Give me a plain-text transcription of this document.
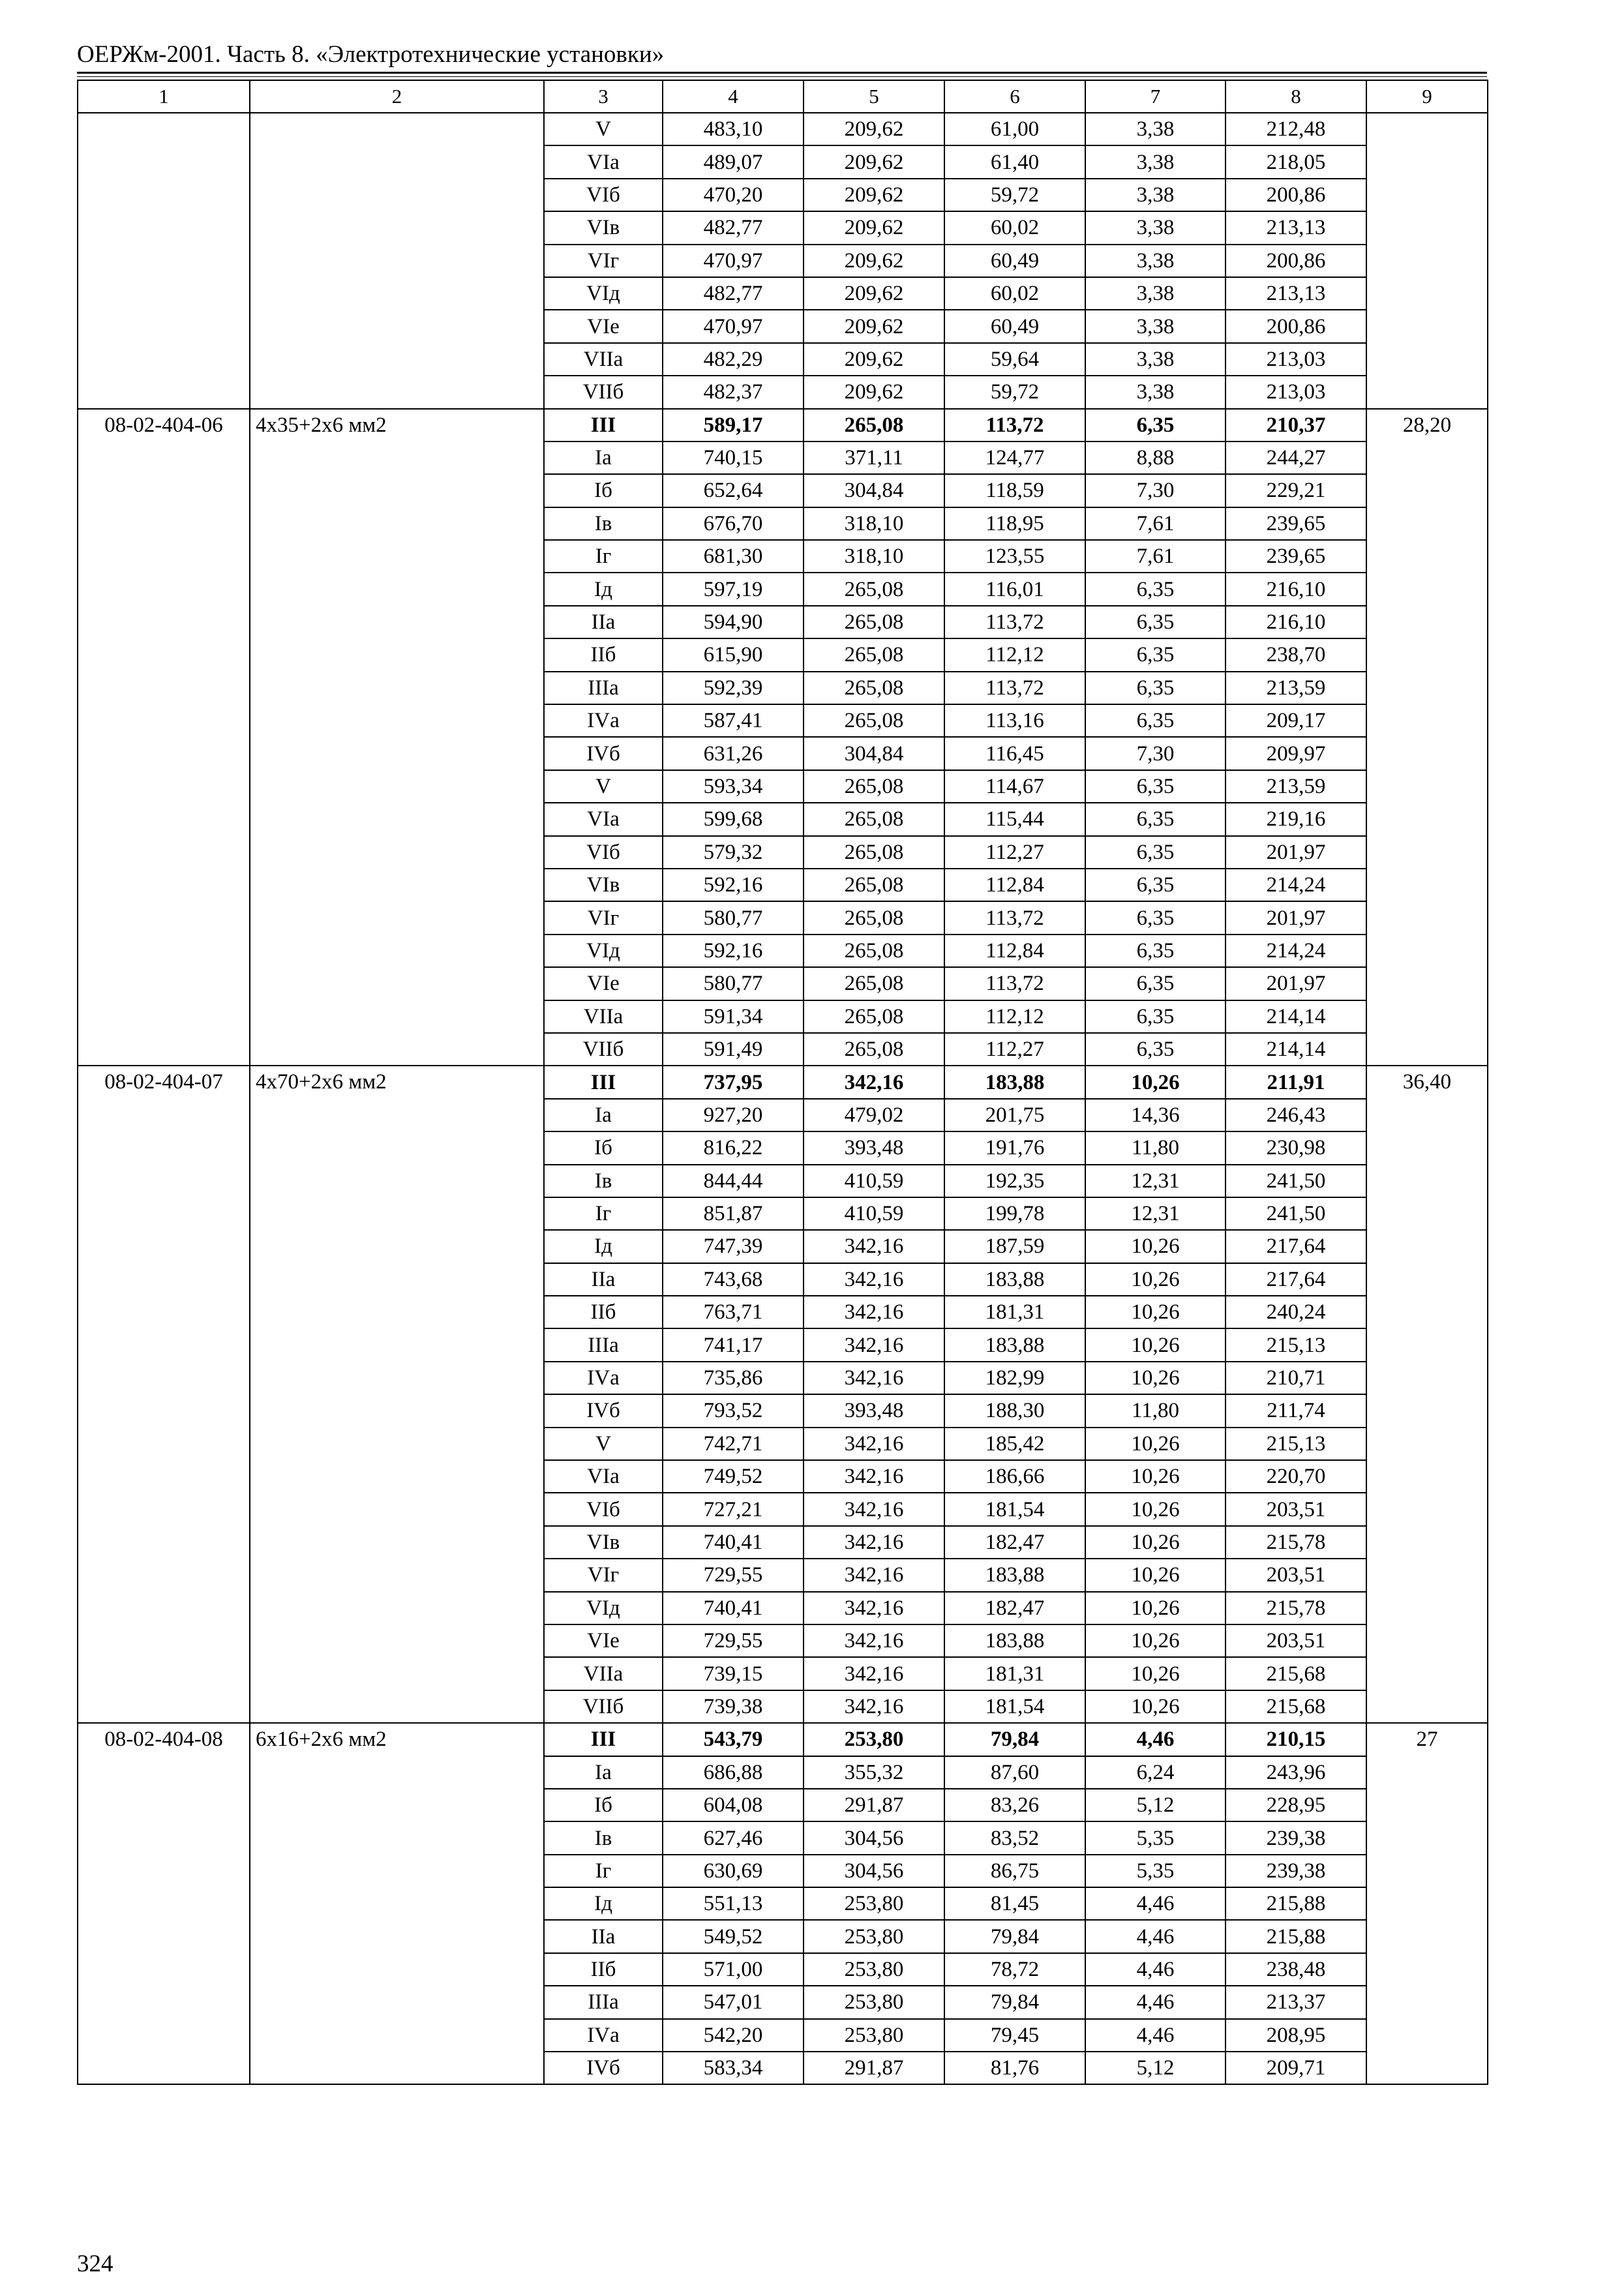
ОЕРЖм-2001. Часть 8. «Электротехнические установки»
1	2	3	4	5	6	7	8	9
		V	483,10	209,62	61,00	3,38	212,48	
		VIа	489,07	209,62	61,40	3,38	218,05	
		VIб	470,20	209,62	59,72	3,38	200,86	
		VIв	482,77	209,62	60,02	3,38	213,13	
		VIг	470,97	209,62	60,49	3,38	200,86	
		VIд	482,77	209,62	60,02	3,38	213,13	
		VIе	470,97	209,62	60,49	3,38	200,86	
		VIIа	482,29	209,62	59,64	3,38	213,03	
		VIIб	482,37	209,62	59,72	3,38	213,03	
08-02-404-06	4х35+2х6 мм2	III	589,17	265,08	113,72	6,35	210,37	28,20
		Iа	740,15	371,11	124,77	8,88	244,27	
		Iб	652,64	304,84	118,59	7,30	229,21	
		Iв	676,70	318,10	118,95	7,61	239,65	
		Iг	681,30	318,10	123,55	7,61	239,65	
		Iд	597,19	265,08	116,01	6,35	216,10	
		IIа	594,90	265,08	113,72	6,35	216,10	
		IIб	615,90	265,08	112,12	6,35	238,70	
		IIIа	592,39	265,08	113,72	6,35	213,59	
		IVа	587,41	265,08	113,16	6,35	209,17	
		IVб	631,26	304,84	116,45	7,30	209,97	
		V	593,34	265,08	114,67	6,35	213,59	
		VIа	599,68	265,08	115,44	6,35	219,16	
		VIб	579,32	265,08	112,27	6,35	201,97	
		VIв	592,16	265,08	112,84	6,35	214,24	
		VIг	580,77	265,08	113,72	6,35	201,97	
		VIд	592,16	265,08	112,84	6,35	214,24	
		VIе	580,77	265,08	113,72	6,35	201,97	
		VIIа	591,34	265,08	112,12	6,35	214,14	
		VIIб	591,49	265,08	112,27	6,35	214,14	
08-02-404-07	4х70+2х6 мм2	III	737,95	342,16	183,88	10,26	211,91	36,40
		Iа	927,20	479,02	201,75	14,36	246,43	
		Iб	816,22	393,48	191,76	11,80	230,98	
		Iв	844,44	410,59	192,35	12,31	241,50	
		Iг	851,87	410,59	199,78	12,31	241,50	
		Iд	747,39	342,16	187,59	10,26	217,64	
		IIа	743,68	342,16	183,88	10,26	217,64	
		IIб	763,71	342,16	181,31	10,26	240,24	
		IIIа	741,17	342,16	183,88	10,26	215,13	
		IVа	735,86	342,16	182,99	10,26	210,71	
		IVб	793,52	393,48	188,30	11,80	211,74	
		V	742,71	342,16	185,42	10,26	215,13	
		VIа	749,52	342,16	186,66	10,26	220,70	
		VIб	727,21	342,16	181,54	10,26	203,51	
		VIв	740,41	342,16	182,47	10,26	215,78	
		VIг	729,55	342,16	183,88	10,26	203,51	
		VIд	740,41	342,16	182,47	10,26	215,78	
		VIе	729,55	342,16	183,88	10,26	203,51	
		VIIа	739,15	342,16	181,31	10,26	215,68	
		VIIб	739,38	342,16	181,54	10,26	215,68	
08-02-404-08	6х16+2х6 мм2	III	543,79	253,80	79,84	4,46	210,15	27
		Iа	686,88	355,32	87,60	6,24	243,96	
		Iб	604,08	291,87	83,26	5,12	228,95	
		Iв	627,46	304,56	83,52	5,35	239,38	
		Iг	630,69	304,56	86,75	5,35	239,38	
		Iд	551,13	253,80	81,45	4,46	215,88	
		IIа	549,52	253,80	79,84	4,46	215,88	
		IIб	571,00	253,80	78,72	4,46	238,48	
		IIIа	547,01	253,80	79,84	4,46	213,37	
		IVа	542,20	253,80	79,45	4,46	208,95	
		IVб	583,34	291,87	81,76	5,12	209,71	
324
